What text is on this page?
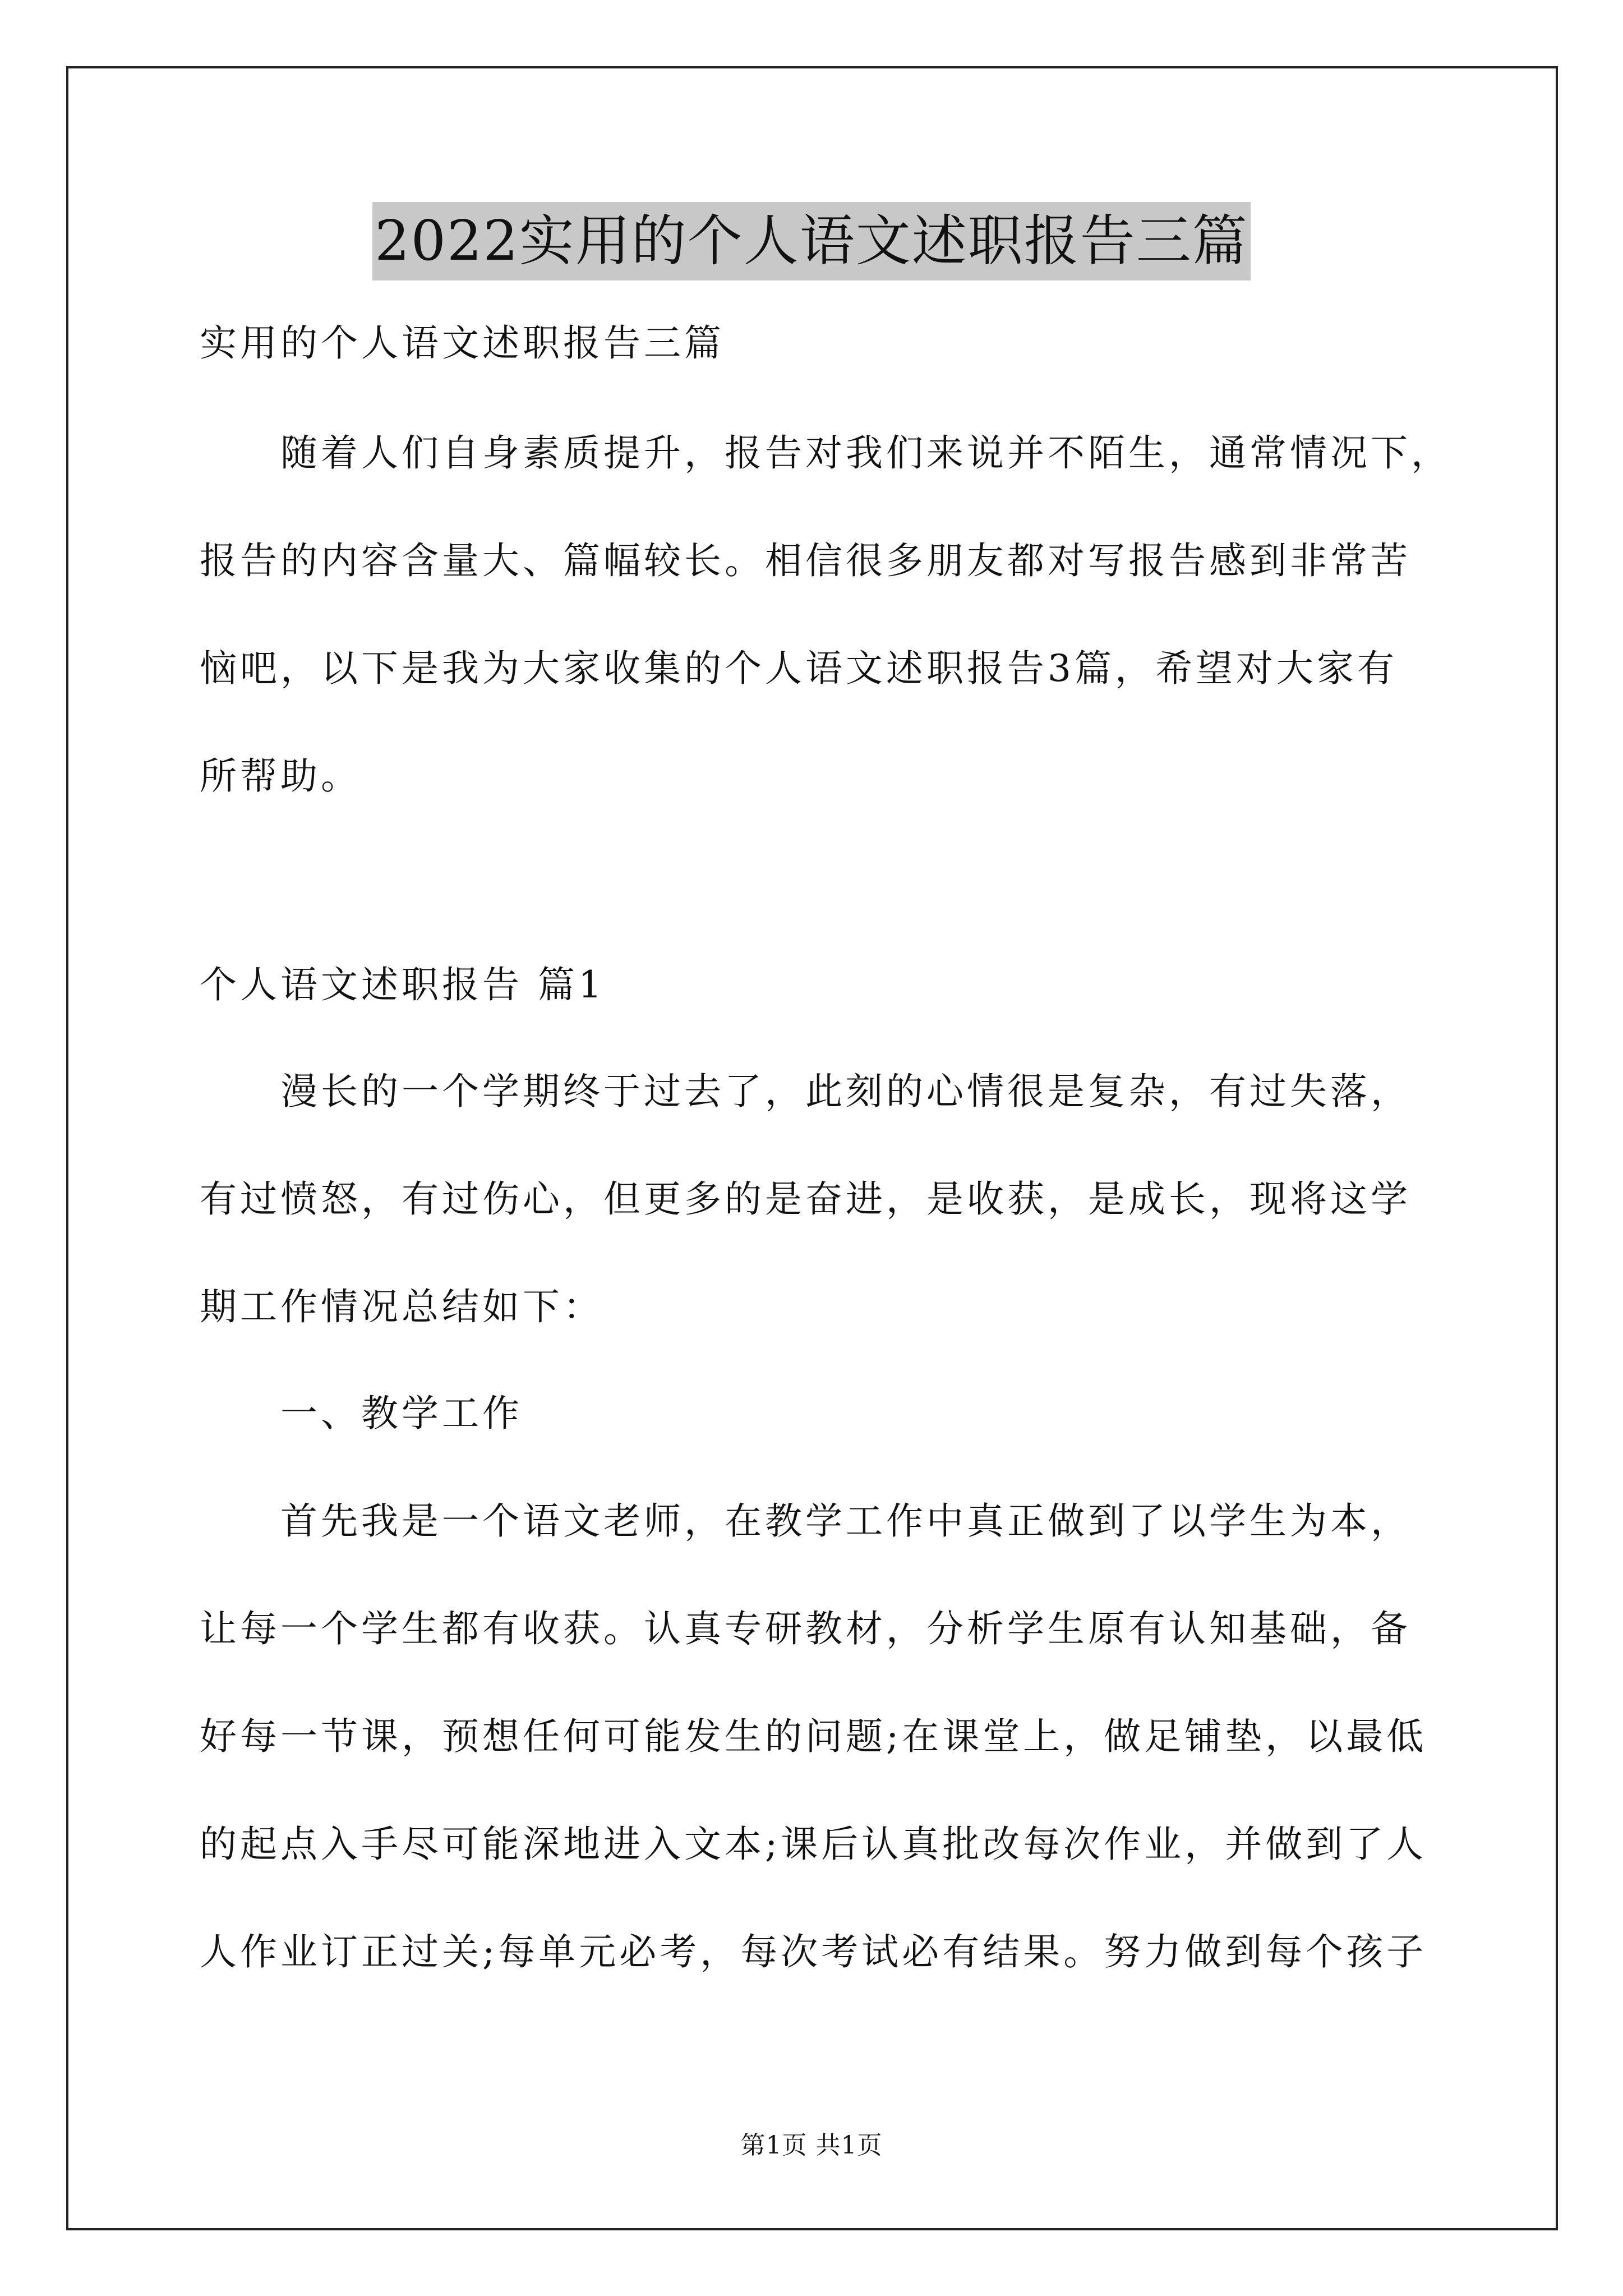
2022实用的个人语文述职报告三篇
实用的个人语文述职报告三篇
随着人们自身素质提升，报告对我们来说并不陌生，通常情况下，
报告的内容含量大、篇幅较长。相信很多朋友都对写报告感到非常苦
恼吧，以下是我为大家收集的个人语文述职报告3篇，希望对大家有
所帮助。
个人语文述职报告 篇1
漫长的一个学期终于过去了，此刻的心情很是复杂，有过失落，
有过愤怒，有过伤心，但更多的是奋进，是收获，是成长，现将这学
期工作情况总结如下：
一、教学工作
首先我是一个语文老师，在教学工作中真正做到了以学生为本，
让每一个学生都有收获。认真专研教材，分析学生原有认知基础，备
好每一节课，预想任何可能发生的问题;在课堂上，做足铺垫，以最低
的起点入手尽可能深地进入文本;课后认真批改每次作业，并做到了人
人作业订正过关;每单元必考，每次考试必有结果。努力做到每个孩子
第1页 共1页
